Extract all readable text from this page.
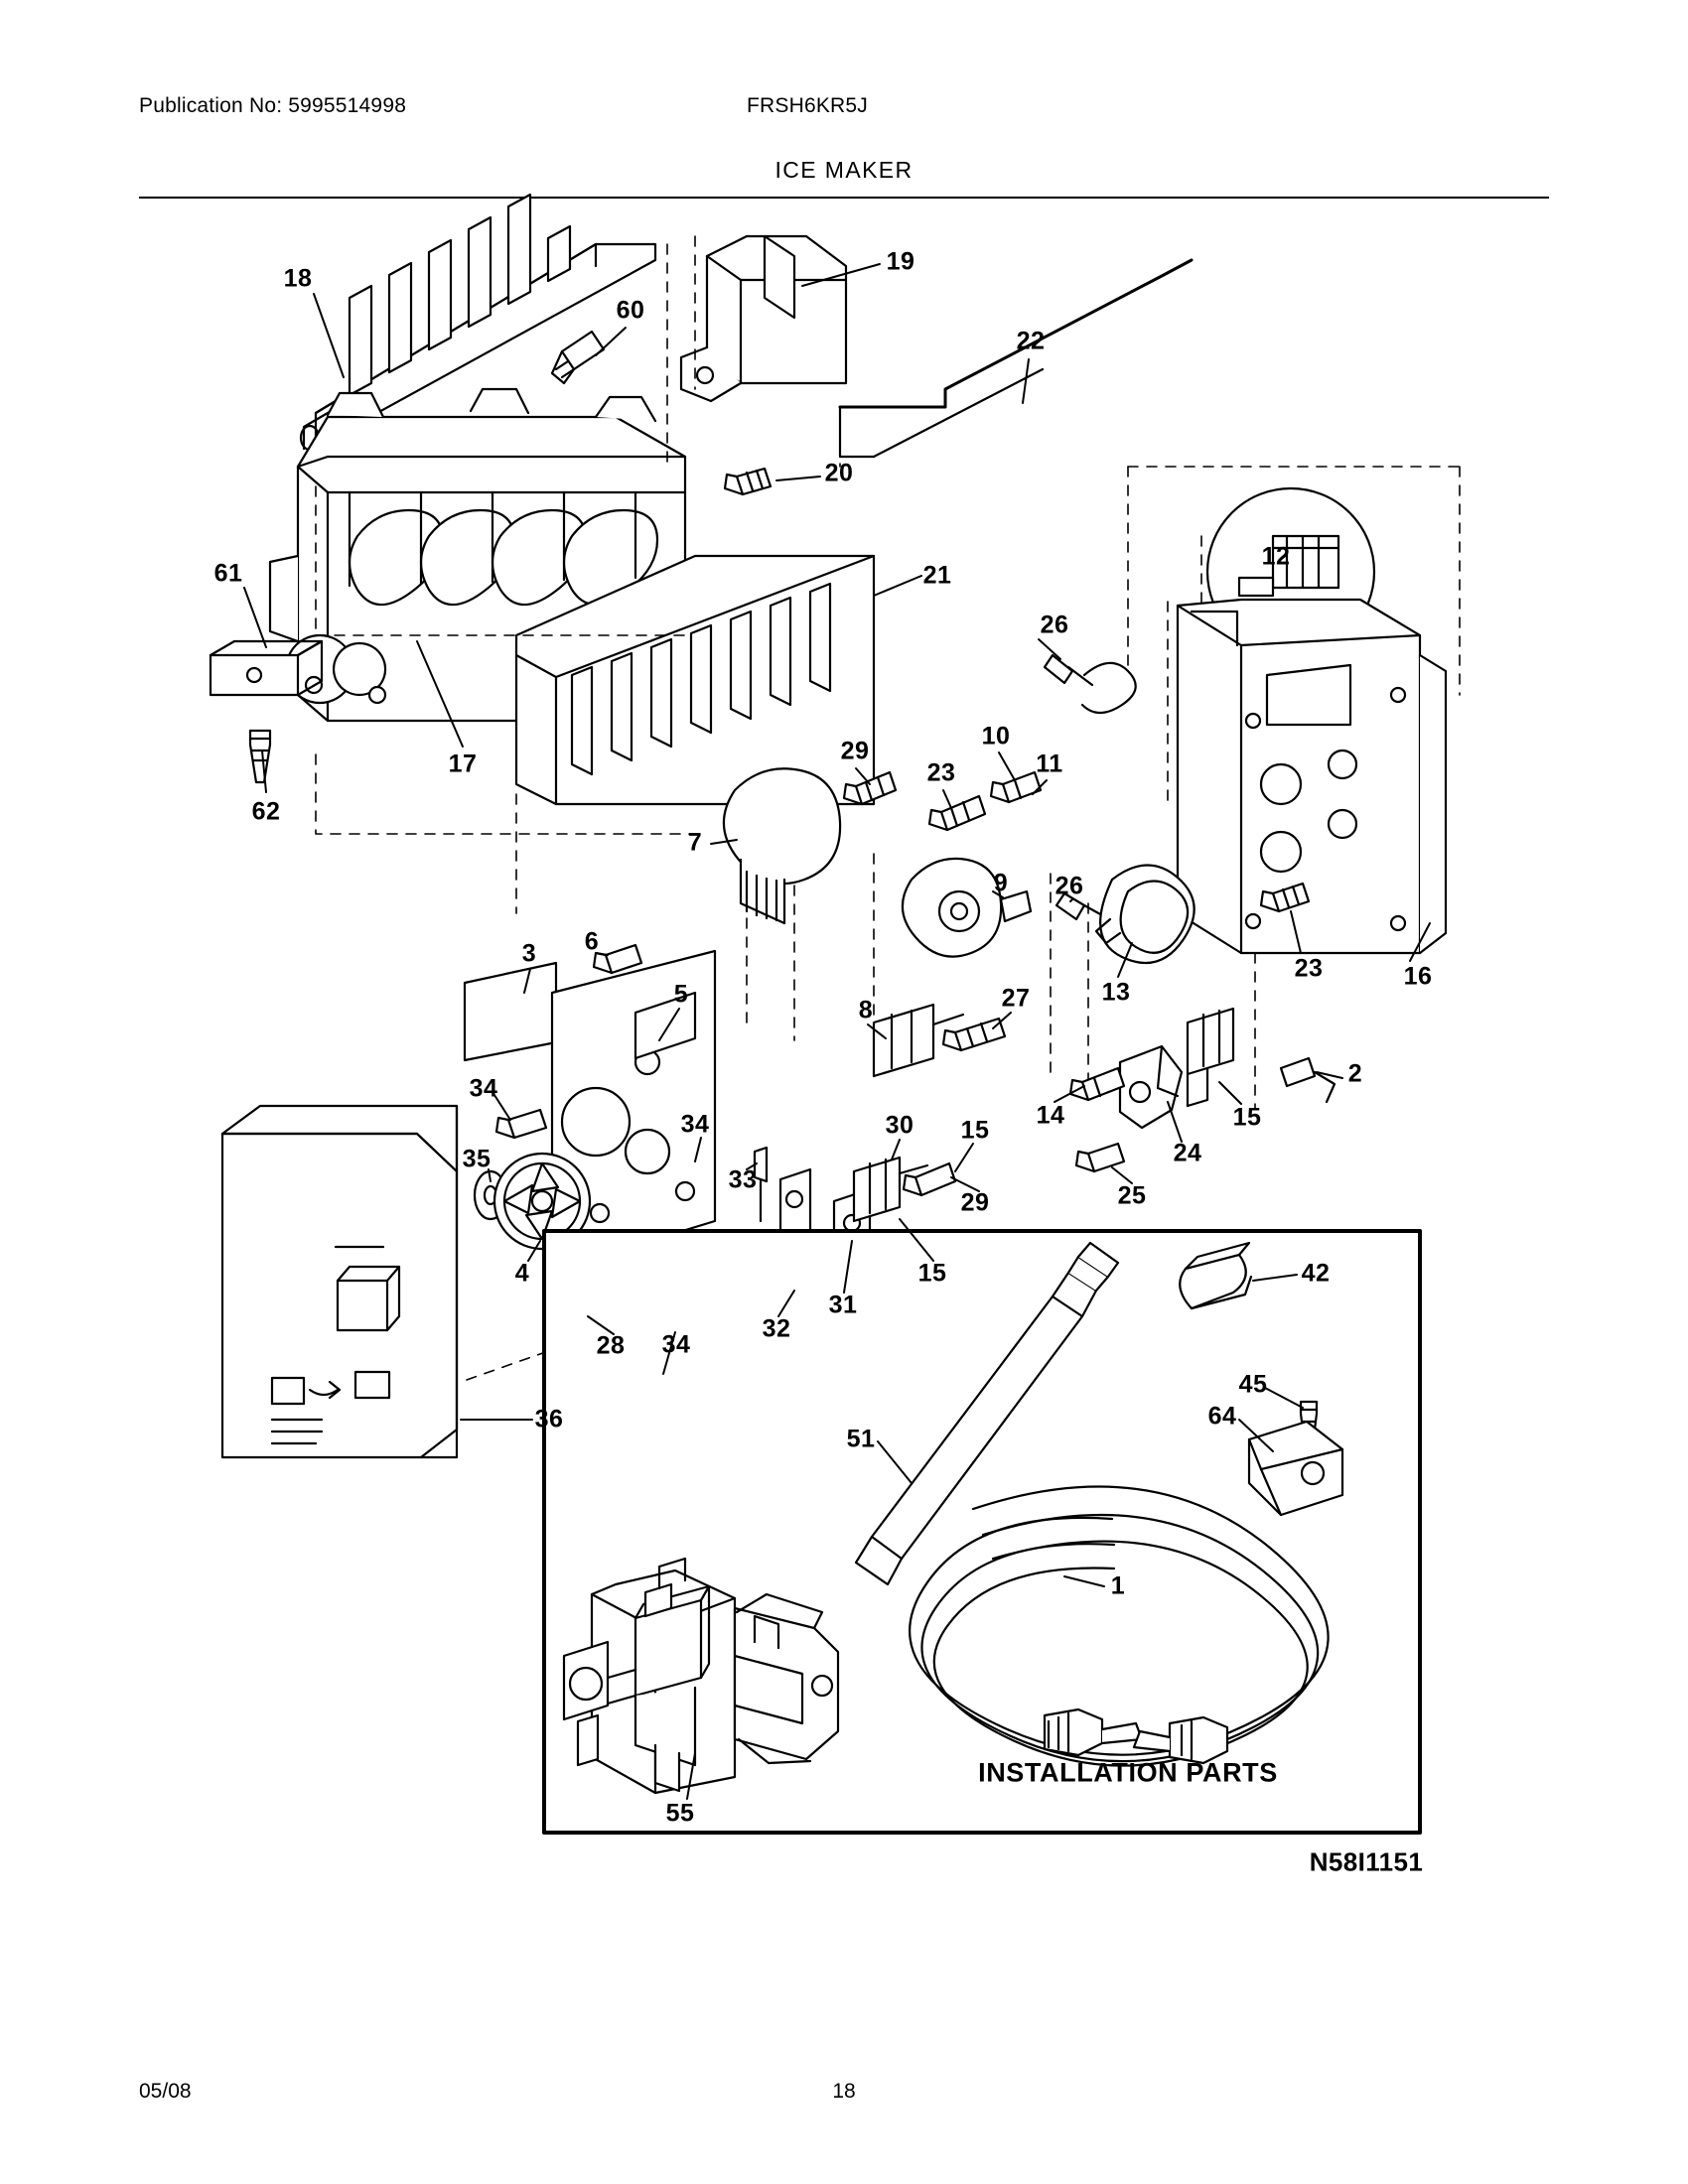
Publication No: 5995514998	FRSH6KR5J
ICE MAKER
18
60
19
22
20
12
21
61
26
17
62
29
23
10
11
7
9 26
13
23	16
3 6
5
8	27
34
35
34	30 15
14	15
2
33
4
25
24
29
15
31
32
28 34
36
42
45
64
51
1
55
INSTALLATION PARTS
N58I1151
05/08	18
